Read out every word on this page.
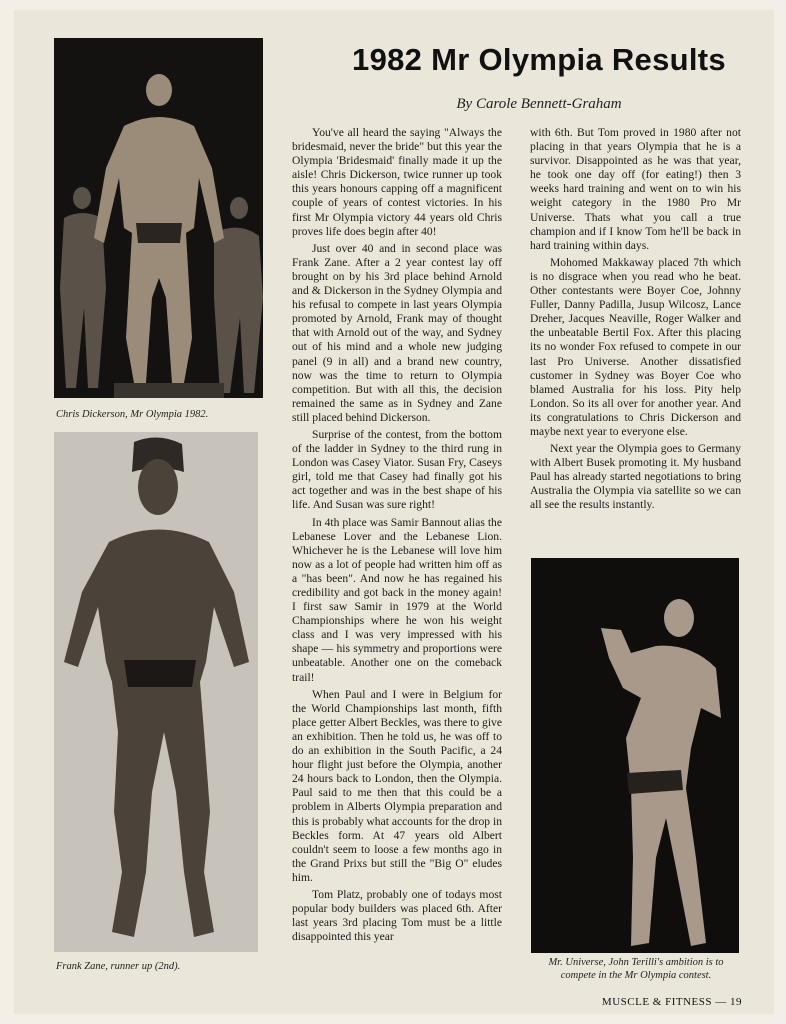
Chris Dickerson, Mr Olympia 1982.
Frank Zane, runner up (2nd).
1982 Mr Olympia Results
By Carole Bennett-Graham

You've all heard the saying "Always the bridesmaid, never the bride" but this year the Olympia 'Bridesmaid' finally made it up the aisle! Chris Dickerson, twice runner up took this years honours capping off a magnificent couple of years of contest victories. In his first Mr Olympia victory 44 years old Chris proves life does begin after 40!

Just over 40 and in second place was Frank Zane. After a 2 year contest lay off brought on by his 3rd place behind Arnold and & Dickerson in the Sydney Olympia and his refusal to compete in last years Olympia promoted by Arnold, Frank may of thought that with Arnold out of the way, and Sydney out of his mind and a whole new judging panel (9 in all) and a brand new country, now was the time to return to Olympia competition. But with all this, the decision remained the same as in Sydney and Zane still placed behind Dickerson.

Surprise of the contest, from the bottom of the ladder in Sydney to the third rung in London was Casey Viator. Susan Fry, Caseys girl, told me that Casey had finally got his act together and was in the best shape of his life. And Susan was sure right!

In 4th place was Samir Bannout alias the Lebanese Lover and the Lebanese Lion. Whichever he is the Lebanese will love him now as a lot of people had written him off as a "has been". And now he has regained his credibility and got back in the money again! I first saw Samir in 1979 at the World Championships where he won his weight class and I was very impressed with his shape — his symmetry and proportions were unbeatable. Another one on the comeback trail!

When Paul and I were in Belgium for the World Championships last month, fifth place getter Albert Beckles, was there to give an exhibition. Then he told us, he was off to do an exhibition in the South Pacific, a 24 hour flight just before the Olympia, another 24 hours back to London, then the Olympia. Paul said to me then that this could be a problem in Alberts Olympia preparation and this is probably what accounts for the drop in Beckles form. At 47 years old Albert couldn't seem to loose a few months ago in the Grand Prixs but still the "Big O" eludes him.

Tom Platz, probably one of todays most popular body builders was placed 6th. After last years 3rd placing Tom must be a little disappointed this year

with 6th. But Tom proved in 1980 after not placing in that years Olympia that he is a survivor. Disappointed as he was that year, he took one day off (for eating!) then 3 weeks hard training and went on to win his weight category in the 1980 Pro Mr Universe. Thats what you call a true champion and if I know Tom he'll be back in hard training within days.

Mohomed Makkaway placed 7th which is no disgrace when you read who he beat. Other contestants were Boyer Coe, Johnny Fuller, Danny Padilla, Jusup Wilcosz, Lance Dreher, Jacques Neaville, Roger Walker and the unbeatable Bertil Fox. After this placing its no wonder Fox refused to compete in our last Pro Universe. Another dissatisfied customer in Sydney was Boyer Coe who blamed Australia for his loss. Pity help London. So its all over for another year. And its congratulations to Chris Dickerson and maybe next year to everyone else.

Next year the Olympia goes to Germany with Albert Busek promoting it. My husband Paul has already started negotiations to bring Australia the Olympia via satellite so we can all see the results instantly.

Mr. Universe, John Terilli's ambition is to compete in the Mr Olympia contest.
MUSCLE & FITNESS — 19
